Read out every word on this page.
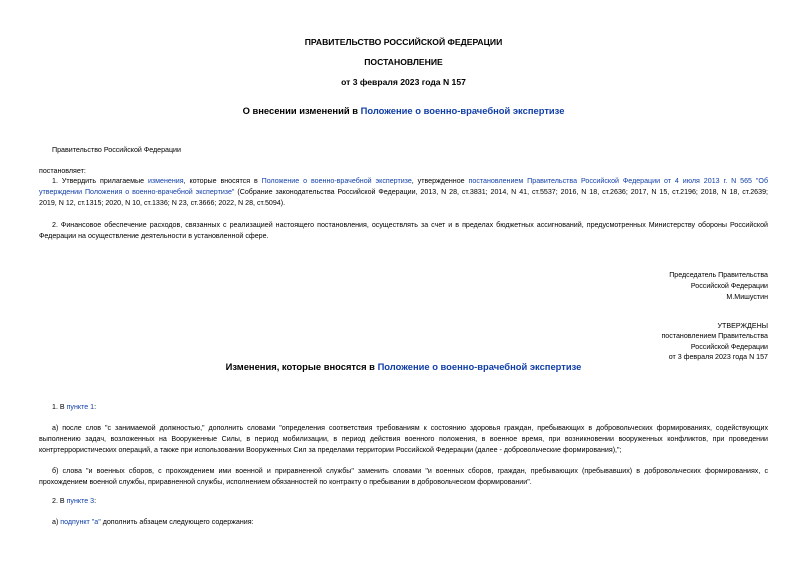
ПРАВИТЕЛЬСТВО РОССИЙСКОЙ ФЕДЕРАЦИИ
ПОСТАНОВЛЕНИЕ
от 3 февраля 2023 года N 157
О внесении изменений в Положение о военно-врачебной экспертизе
Правительство Российской Федерации
постановляет:
1. Утвердить прилагаемые изменения, которые вносятся в Положение о военно-врачебной экспертизе, утвержденное постановлением Правительства Российской Федерации от 4 июля 2013 г. N 565 "Об
утверждении Положения о военно-врачебной экспертизе" (Собрание законодательства Российской Федерации, 2013, N 28, ст.3831; 2014, N 41, ст.5537; 2016, N 18, ст.2636; 2017, N 15, ст.2196; 2018, N 18, ст.2639;
2019, N 12, ст.1315; 2020, N 10, ст.1336; N 23, ст.3666; 2022, N 28, ст.5094).
2. Финансовое обеспечение расходов, связанных с реализацией настоящего постановления, осуществлять за счет и в пределах бюджетных ассигнований, предусмотренных Министерству обороны Российской
Федерации на осуществление деятельности в установленной сфере.
Председатель Правительства
Российской Федерации
М.Мишустин
УТВЕРЖДЕНЫ
постановлением Правительства
Российской Федерации
от 3 февраля 2023 года N 157
Изменения, которые вносятся в Положение о военно-врачебной экспертизе
1. В пункте 1:
а) после слов "с занимаемой должностью," дополнить словами "определения соответствия требованиям к состоянию здоровья граждан, пребывающих в добровольческих формированиях, содействующих
выполнению задач, возложенных на Вооруженные Силы, в период мобилизации, в период действия военного положения, в военное время, при возникновении вооруженных конфликтов, при проведении
контртеррористических операций, а также при использовании Вооруженных Сил за пределами территории Российской Федерации (далее - добровольческие формирования),";
б) слова "и военных сборов, с прохождением ими военной и приравненной службы" заменить словами "и военных сборов, граждан, пребывающих (пребывавших) в добровольческих формированиях, с
прохождением военной службы, приравненной службы, исполнением обязанностей по контракту о пребывании в добровольческом формировании".
2. В пункте 3:
а) подпункт "а" дополнить абзацем следующего содержания:
